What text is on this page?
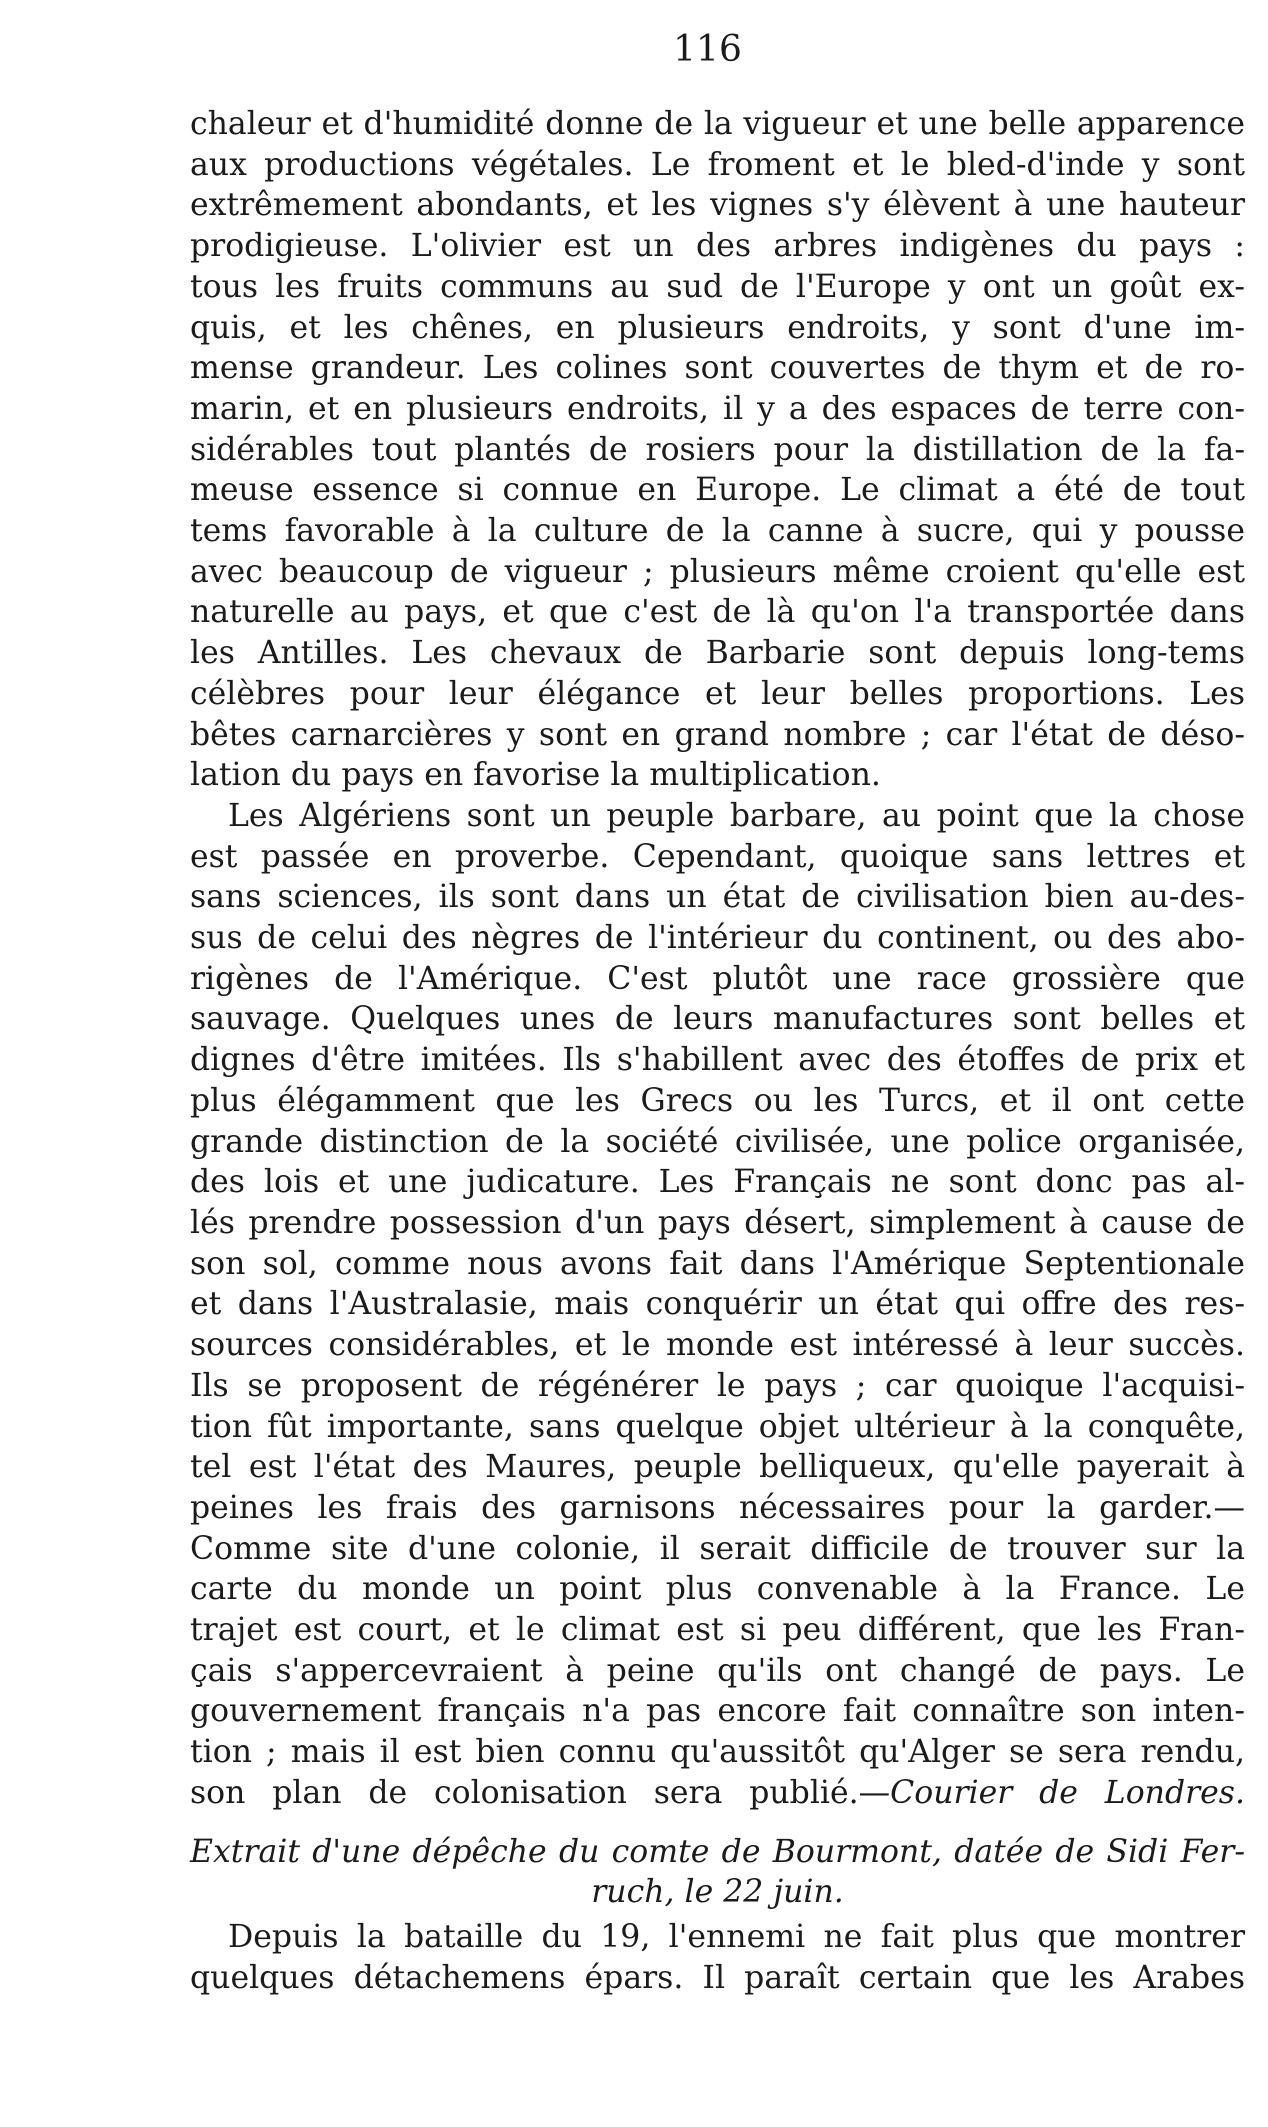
116
chaleur et d'humidité donne de la vigueur et une belle apparence
aux productions végétales. Le froment et le bled-d'inde y sont
extrêmement abondants, et les vignes s'y élèvent à une hauteur
prodigieuse. L'olivier est un des arbres indigènes du pays :
tous les fruits communs au sud de l'Europe y ont un goût ex-
quis, et les chênes, en plusieurs endroits, y sont d'une im-
mense grandeur. Les colines sont couvertes de thym et de ro-
marin, et en plusieurs endroits, il y a des espaces de terre con-
sidérables tout plantés de rosiers pour la distillation de la fa-
meuse essence si connue en Europe. Le climat a été de tout
tems favorable à la culture de la canne à sucre, qui y pousse
avec beaucoup de vigueur ; plusieurs même croient qu'elle est
naturelle au pays, et que c'est de là qu'on l'a transportée dans
les Antilles. Les chevaux de Barbarie sont depuis long-tems
célèbres pour leur élégance et leur belles proportions. Les
bêtes carnarcières y sont en grand nombre ; car l'état de déso-
lation du pays en favorise la multiplication.
Les Algériens sont un peuple barbare, au point que la chose
est passée en proverbe. Cependant, quoique sans lettres et
sans sciences, ils sont dans un état de civilisation bien au-des-
sus de celui des nègres de l'intérieur du continent, ou des abo-
rigènes de l'Amérique. C'est plutôt une race grossière que
sauvage. Quelques unes de leurs manufactures sont belles et
dignes d'être imitées. Ils s'habillent avec des étoffes de prix et
plus élégamment que les Grecs ou les Turcs, et il ont cette
grande distinction de la société civilisée, une police organisée,
des lois et une judicature. Les Français ne sont donc pas al-
lés prendre possession d'un pays désert, simplement à cause de
son sol, comme nous avons fait dans l'Amérique Septentionale
et dans l'Australasie, mais conquérir un état qui offre des res-
sources considérables, et le monde est intéressé à leur succès.
Ils se proposent de régénérer le pays ; car quoique l'acquisi-
tion fût importante, sans quelque objet ultérieur à la conquête,
tel est l'état des Maures, peuple belliqueux, qu'elle payerait à
peines les frais des garnisons nécessaires pour la garder.—
Comme site d'une colonie, il serait difficile de trouver sur la
carte du monde un point plus convenable à la France. Le
trajet est court, et le climat est si peu différent, que les Fran-
çais s'appercevraient à peine qu'ils ont changé de pays. Le
gouvernement français n'a pas encore fait connaître son inten-
tion ; mais il est bien connu qu'aussitôt qu'Alger se sera rendu,
son plan de colonisation sera publié.—Courier de Londres.
Extrait d'une dépêche du comte de Bourmont, datée de Sidi Fer-
ruch, le 22 juin.
Depuis la bataille du 19, l'ennemi ne fait plus que montrer
quelques détachemens épars. Il paraît certain que les Arabes
